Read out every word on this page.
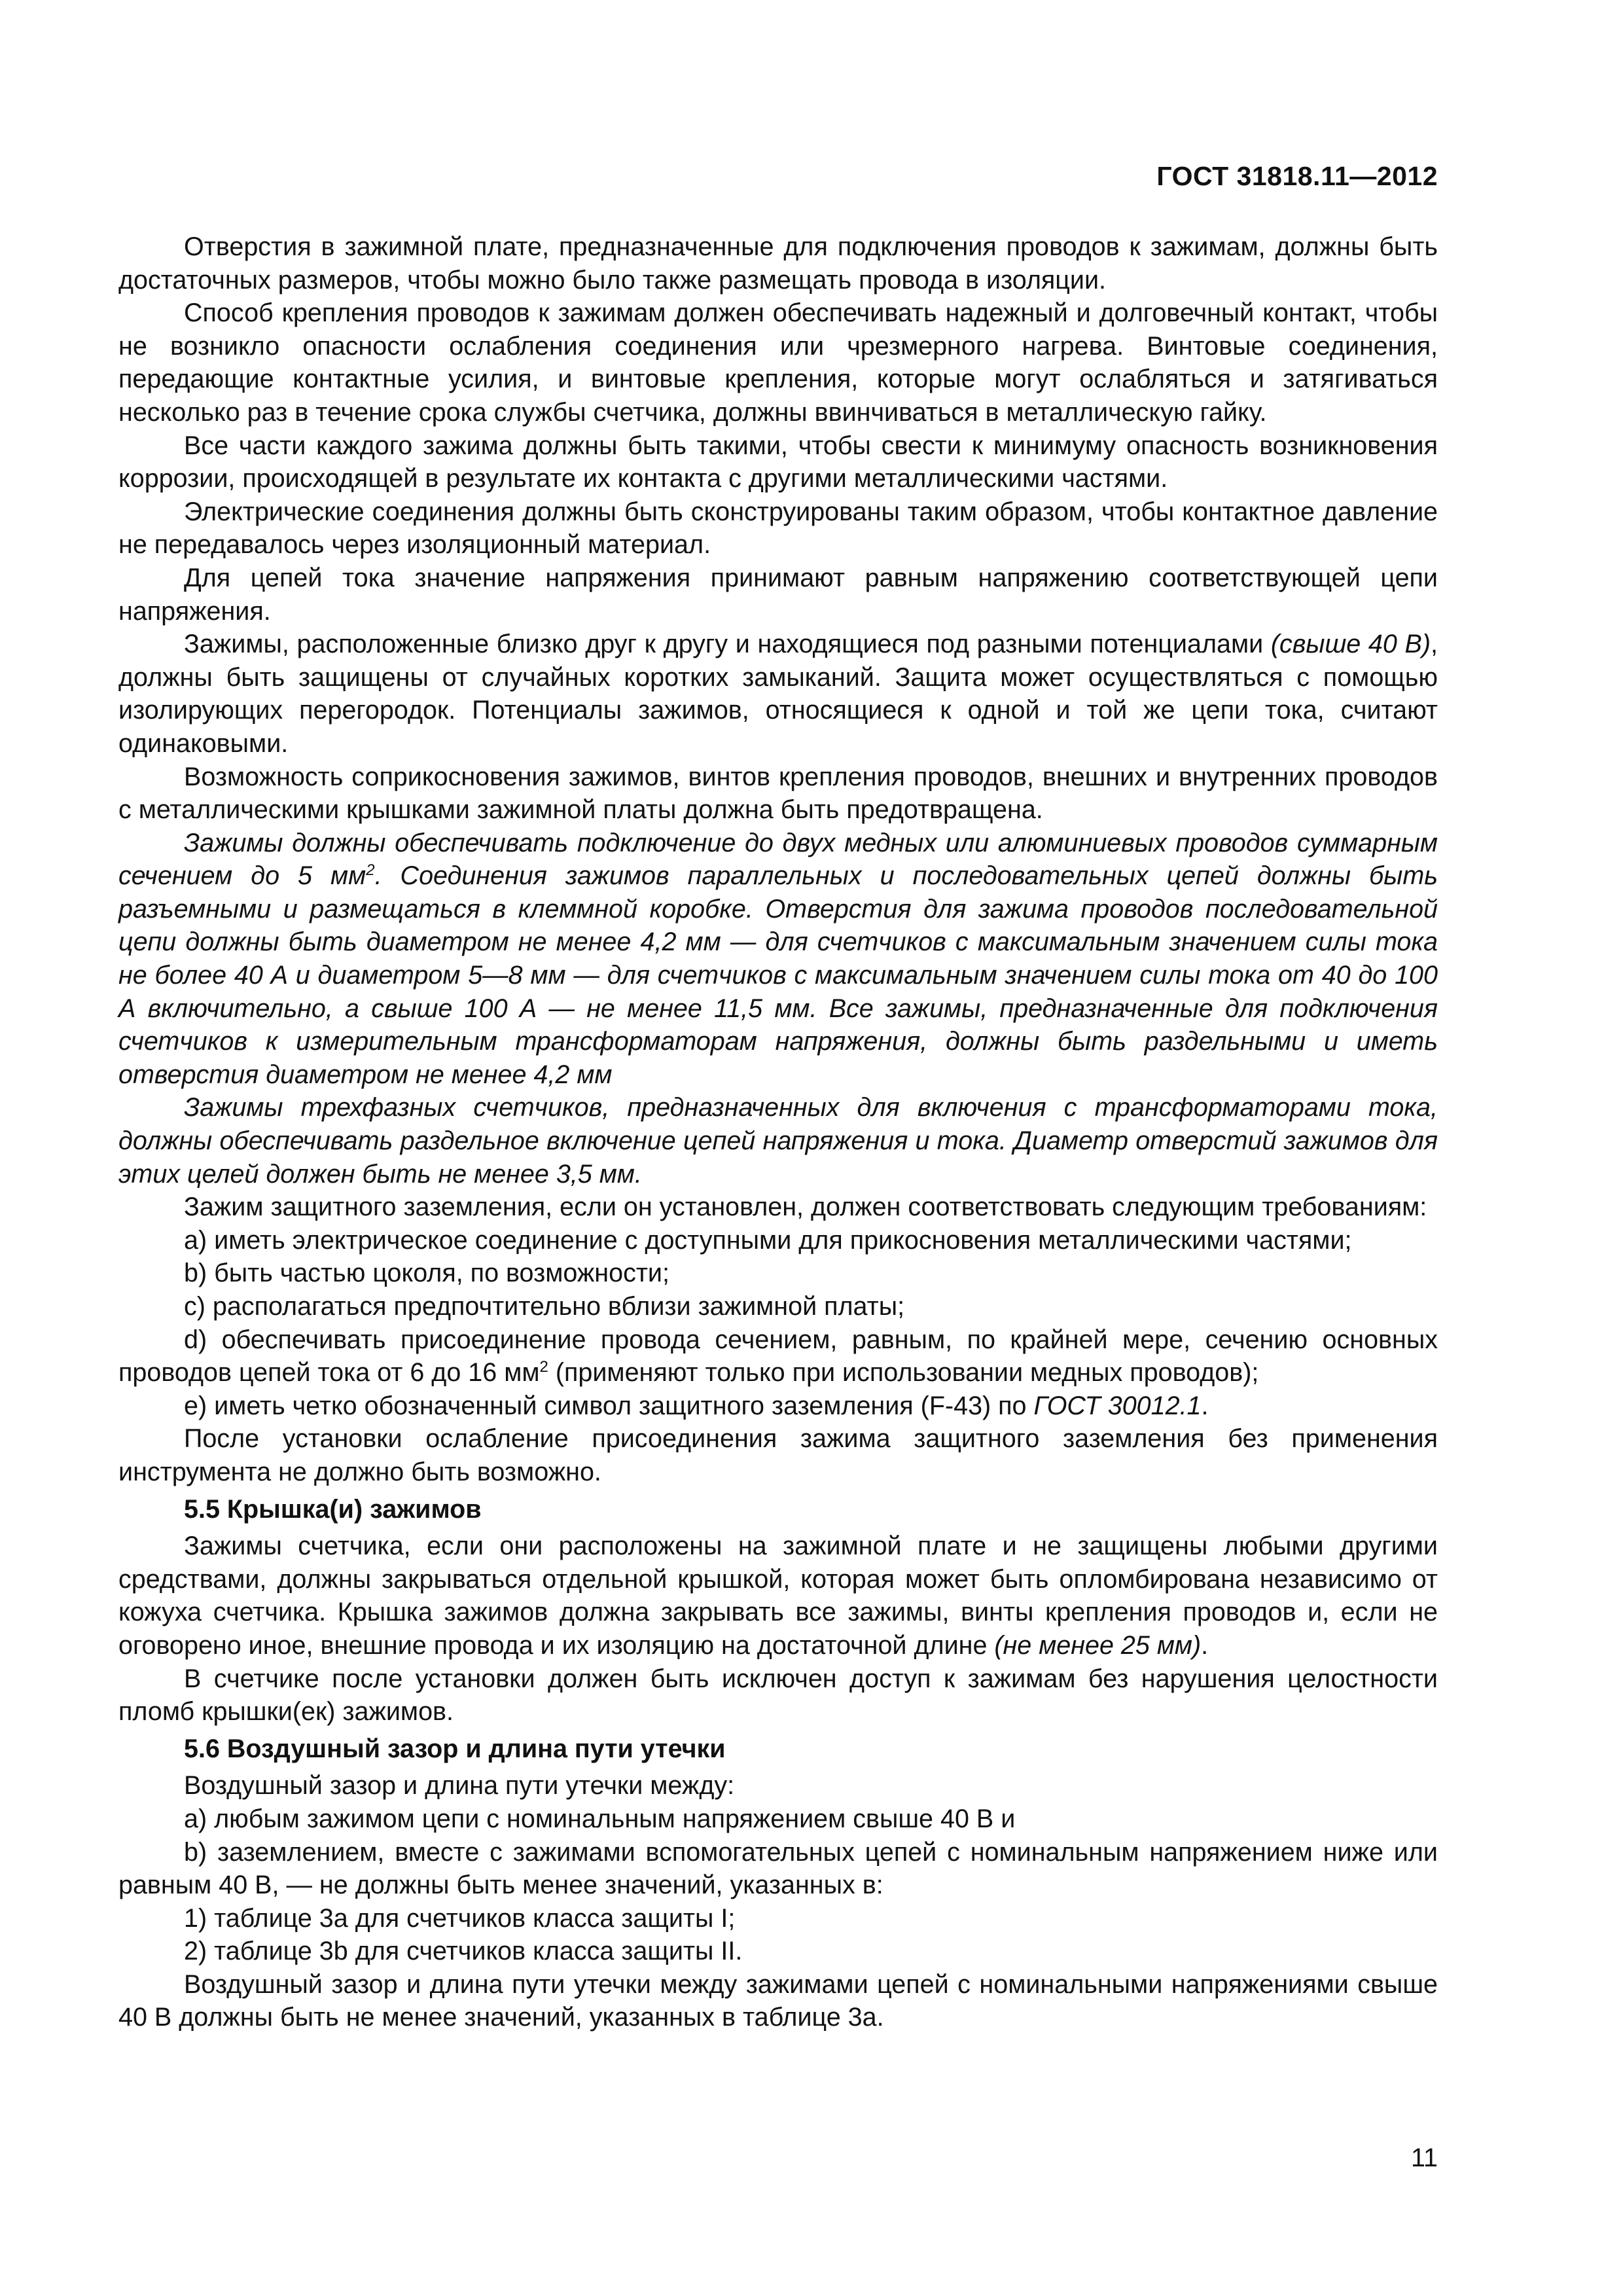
ГОСТ 31818.11—2012

Отверстия в зажимной плате, предназначенные для подключения проводов к зажимам, должны быть достаточных размеров, чтобы можно было также размещать провода в изоляции.

Способ крепления проводов к зажимам должен обеспечивать надежный и долговечный контакт, чтобы не возникло опасности ослабления соединения или чрезмерного нагрева. Винтовые соединения, передающие контактные усилия, и винтовые крепления, которые могут ослабляться и затягиваться несколько раз в течение срока службы счетчика, должны ввинчиваться в металлическую гайку.

Все части каждого зажима должны быть такими, чтобы свести к минимуму опасность возникновения коррозии, происходящей в результате их контакта с другими металлическими частями.

Электрические соединения должны быть сконструированы таким образом, чтобы контактное давление не передавалось через изоляционный материал.

Для цепей тока значение напряжения принимают равным напряжению соответствующей цепи напряжения.

Зажимы, расположенные близко друг к другу и находящиеся под разными потенциалами (свыше 40 В), должны быть защищены от случайных коротких замыканий. Защита может осуществляться с помощью изолирующих перегородок. Потенциалы зажимов, относящиеся к одной и той же цепи тока, считают одинаковыми.

Возможность соприкосновения зажимов, винтов крепления проводов, внешних и внутренних проводов с металлическими крышками зажимной платы должна быть предотвращена.

Зажимы должны обеспечивать подключение до двух медных или алюминиевых проводов суммарным сечением до 5 $мм^2$. Соединения зажимов параллельных и последовательных цепей должны быть разъемными и размещаться в клеммной коробке. Отверстия для зажима проводов последовательной цепи должны быть диаметром не менее 4,2 мм — для счетчиков с максимальным значением силы тока не более 40 А и диаметром 5—8 мм — для счетчиков с максимальным значением силы тока от 40 до 100 А включительно, а свыше 100 А — не менее 11,5 мм. Все зажимы, предназначенные для подключения счетчиков к измерительным трансформаторам напряжения, должны быть раздельными и иметь отверстия диаметром не менее 4,2 мм

Зажимы трехфазных счетчиков, предназначенных для включения с трансформаторами тока, должны обеспечивать раздельное включение цепей напряжения и тока. Диаметр отверстий зажимов для этих целей должен быть не менее 3,5 мм.

Зажим защитного заземления, если он установлен, должен соответствовать следующим требованиям:

a) иметь электрическое соединение с доступными для прикосновения металлическими частями;

b) быть частью цоколя, по возможности;

c) располагаться предпочтительно вблизи зажимной платы;

d) обеспечивать присоединение провода сечением, равным, по крайней мере, сечению основных проводов цепей тока от 6 до 16 $мм^2$ (применяют только при использовании медных проводов);

e) иметь четко обозначенный символ защитного заземления (F-43) по ГОСТ 30012.1.

После установки ослабление присоединения зажима защитного заземления без применения инструмента не должно быть возможно.

5.5 Крышка(и) зажимов

Зажимы счетчика, если они расположены на зажимной плате и не защищены любыми другими средствами, должны закрываться отдельной крышкой, которая может быть опломбирована независимо от кожуха счетчика. Крышка зажимов должна закрывать все зажимы, винты крепления проводов и, если не оговорено иное, внешние провода и их изоляцию на достаточной длине (не менее 25 мм).

В счетчике после установки должен быть исключен доступ к зажимам без нарушения целостности пломб крышки(ек) зажимов.

5.6 Воздушный зазор и длина пути утечки

Воздушный зазор и длина пути утечки между:

a) любым зажимом цепи с номинальным напряжением свыше 40 В и

b) заземлением, вместе с зажимами вспомогательных цепей с номинальным напряжением ниже или равным 40 В, — не должны быть менее значений, указанных в:

1) таблице 3а для счетчиков класса защиты I;

2) таблице 3b для счетчиков класса защиты II.

Воздушный зазор и длина пути утечки между зажимами цепей с номинальными напряжениями свыше 40 В должны быть не менее значений, указанных в таблице 3а.

11
